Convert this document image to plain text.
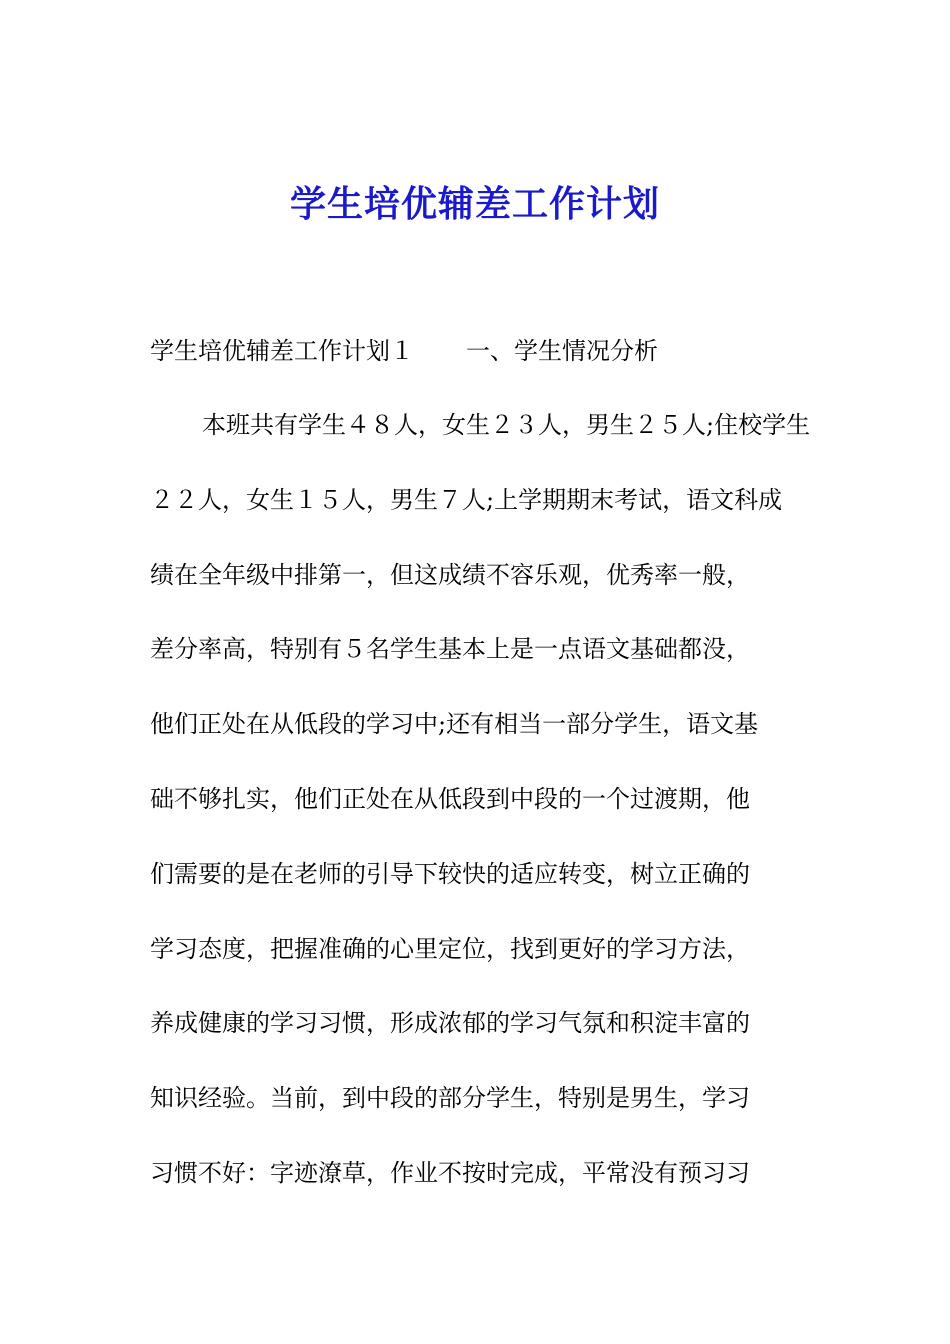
学生培优辅差工作计划
学生培优辅差工作计划１ 一、学生情况分析
本班共有学生４８人，女生２３人，男生２５人;住校学生
２２人，女生１５人，男生７人;上学期期末考试，语文科成
绩在全年级中排第一，但这成绩不容乐观，优秀率一般，
差分率高，特别有５名学生基本上是一点语文基础都没，
他们正处在从低段的学习中;还有相当一部分学生，语文基
础不够扎实，他们正处在从低段到中段的一个过渡期，他
们需要的是在老师的引导下较快的适应转变，树立正确的
学习态度，把握准确的心里定位，找到更好的学习方法，
养成健康的学习习惯，形成浓郁的学习气氛和积淀丰富的
知识经验。当前，到中段的部分学生，特别是男生，学习
习惯不好：字迹潦草，作业不按时完成，平常没有预习习
